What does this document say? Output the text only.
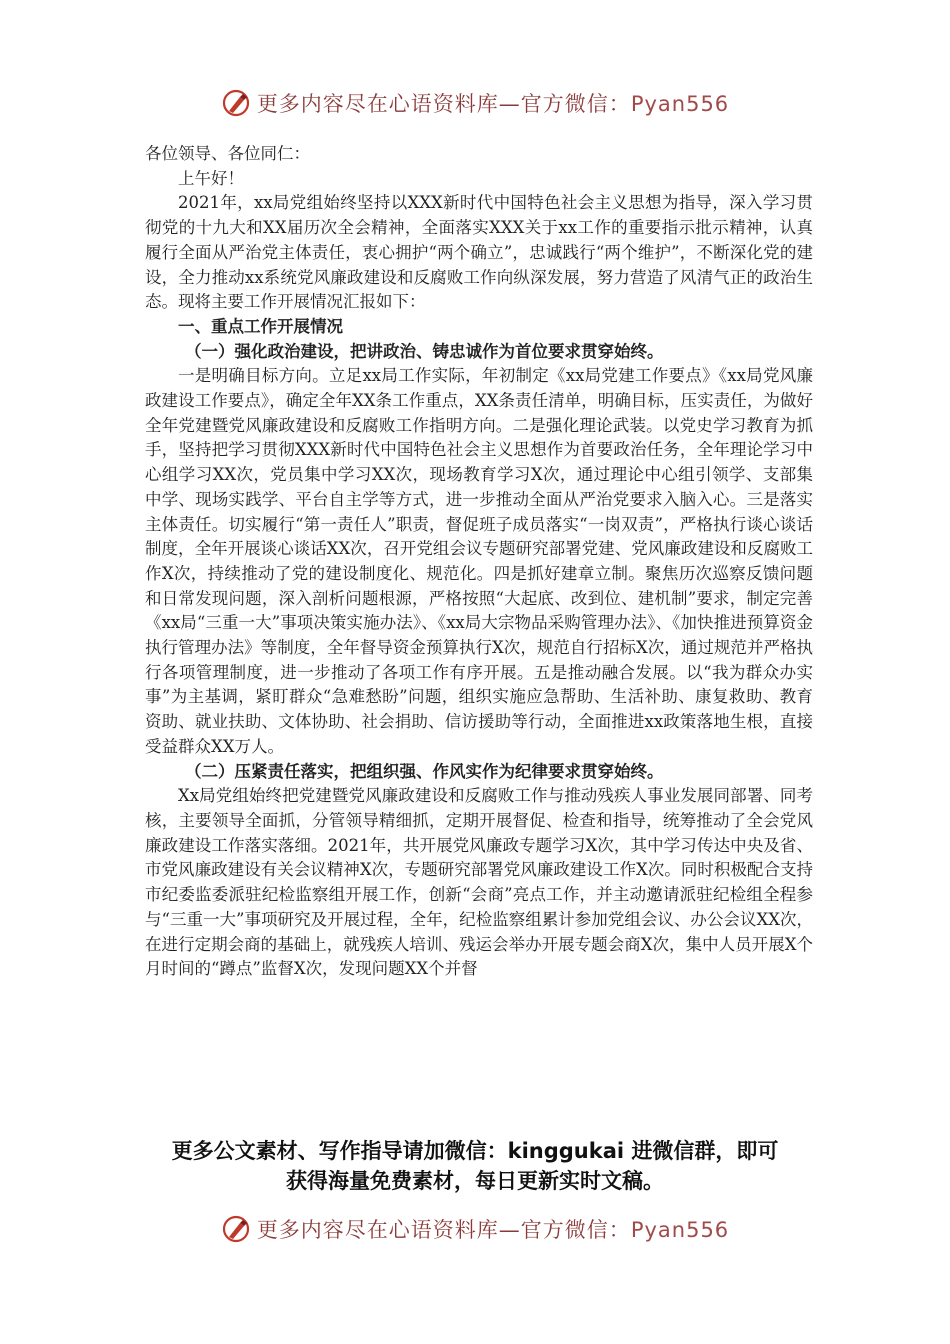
更多内容尽在心语资料库—官方微信：Pyan556

各位领导、各位同仁：

上午好！

2021年，xx局党组始终坚持以XXX新时代中国特色社会主义思想为指导，深入学习贯彻党的十九大和XX届历次全会精神，全面落实XXX关于xx工作的重要指示批示精神，认真履行全面从严治党主体责任，衷心拥护“两个确立”，忠诚践行“两个维护”，不断深化党的建设，全力推动xx系统党风廉政建设和反腐败工作向纵深发展，努力营造了风清气正的政治生态。现将主要工作开展情况汇报如下：

一、重点工作开展情况

（一）强化政治建设，把讲政治、铸忠诚作为首位要求贯穿始终。

一是明确目标方向。立足xx局工作实际，年初制定《xx局党建工作要点》《xx局党风廉政建设工作要点》，确定全年XX条工作重点，XX条责任清单，明确目标，压实责任，为做好全年党建暨党风廉政建设和反腐败工作指明方向。二是强化理论武装。以党史学习教育为抓手，坚持把学习贯彻XXX新时代中国特色社会主义思想作为首要政治任务，全年理论学习中心组学习XX次，党员集中学习XX次，现场教育学习X次，通过理论中心组引领学、支部集中学、现场实践学、平台自主学等方式，进一步推动全面从严治党要求入脑入心。三是落实主体责任。切实履行“第一责任人”职责，督促班子成员落实“一岗双责”，严格执行谈心谈话制度，全年开展谈心谈话XX次，召开党组会议专题研究部署党建、党风廉政建设和反腐败工作X次，持续推动了党的建设制度化、规范化。四是抓好建章立制。聚焦历次巡察反馈问题和日常发现问题，深入剖析问题根源，严格按照“大起底、改到位、建机制”要求，制定完善《xx局“三重一大”事项决策实施办法》、《xx局大宗物品采购管理办法》、《加快推进预算资金执行管理办法》等制度，全年督导资金预算执行X次，规范自行招标X次，通过规范并严格执行各项管理制度，进一步推动了各项工作有序开展。五是推动融合发展。以“我为群众办实事”为主基调，紧盯群众“急难愁盼”问题，组织实施应急帮助、生活补助、康复救助、教育资助、就业扶助、文体协助、社会捐助、信访援助等行动，全面推进xx政策落地生根，直接受益群众XX万人。

（二）压紧责任落实，把组织强、作风实作为纪律要求贯穿始终。

Xx局党组始终把党建暨党风廉政建设和反腐败工作与推动残疾人事业发展同部署、同考核，主要领导全面抓，分管领导精细抓，定期开展督促、检查和指导，统筹推动了全会党风廉政建设工作落实落细。2021年，共开展党风廉政专题学习X次，其中学习传达中央及省、市党风廉政建设有关会议精神X次，专题研究部署党风廉政建设工作X次。同时积极配合支持市纪委监委派驻纪检监察组开展工作，创新“会商”亮点工作，并主动邀请派驻纪检组全程参与“三重一大”事项研究及开展过程，全年，纪检监察组累计参加党组会议、办公会议XX次，在进行定期会商的基础上，就残疾人培训、残运会举办开展专题会商X次，集中人员开展X个月时间的“蹲点”监督X次，发现问题XX个并督

更多公文素材、写作指导请加微信：kinggukai 进微信群，即可
获得海量免费素材，每日更新实时文稿。
更多内容尽在心语资料库—官方微信：Pyan556
